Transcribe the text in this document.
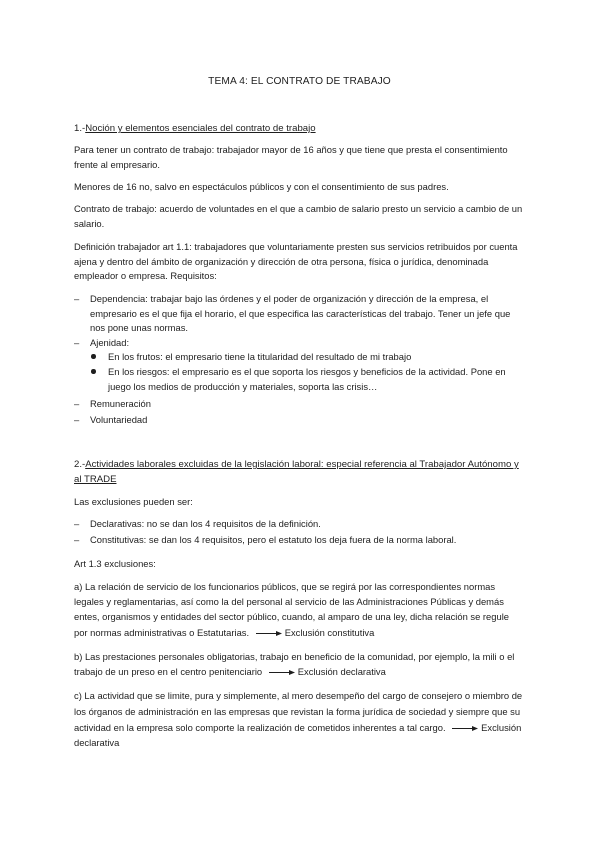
TEMA 4: EL CONTRATO DE TRABAJO
1.-Noción y elementos esenciales del contrato de trabajo
Para tener un contrato de trabajo: trabajador mayor de 16 años y que tiene que presta el consentimiento frente al empresario.
Menores de 16 no, salvo en espectáculos públicos y con el consentimiento de sus padres.
Contrato de trabajo: acuerdo de voluntades en el que a cambio de salario presto un servicio a cambio de un salario.
Definición trabajador art 1.1: trabajadores que voluntariamente presten sus servicios retribuidos por cuenta ajena y dentro del ámbito de organización y dirección de otra persona, física o jurídica, denominada empleador o empresa. Requisitos:
–	Dependencia: trabajar bajo las órdenes y el poder de organización y dirección de la empresa, el empresario es el que fija el horario, el que especifica las características del trabajo. Tener un jefe que nos pone unas normas.
–	Ajenidad:
En los frutos: el empresario tiene la titularidad del resultado de mi trabajo
En los riesgos: el empresario es el que soporta los riesgos y beneficios de la actividad. Pone en juego los medios de producción y materiales, soporta las crisis…
–	Remuneración
–	Voluntariedad
2.-Actividades laborales excluidas de la legislación laboral: especial referencia al Trabajador Autónomo y al TRADE
Las exclusiones pueden ser:
–	Declarativas: no se dan los 4 requisitos de la definición.
–	Constitutivas: se dan los 4 requisitos, pero el estatuto los deja fuera de la norma laboral.
Art 1.3 exclusiones:
a) La relación de servicio de los funcionarios públicos, que se regirá por las correspondientes normas legales y reglamentarias, así como la del personal al servicio de las Administraciones Públicas y demás entes, organismos y entidades del sector público, cuando, al amparo de una ley, dicha relación se regule por normas administrativas o Estatutarias.	Exclusión constitutiva
b) Las prestaciones personales obligatorias, trabajo en beneficio de la comunidad, por ejemplo, la mili o el trabajo de un preso en el centro penitenciario	Exclusión declarativa
c) La actividad que se limite, pura y simplemente, al mero desempeño del cargo de consejero o miembro de los órganos de administración en las empresas que revistan la forma jurídica de sociedad y siempre que su actividad en la empresa solo comporte la realización de cometidos inherentes a tal cargo.	Exclusión declarativa
